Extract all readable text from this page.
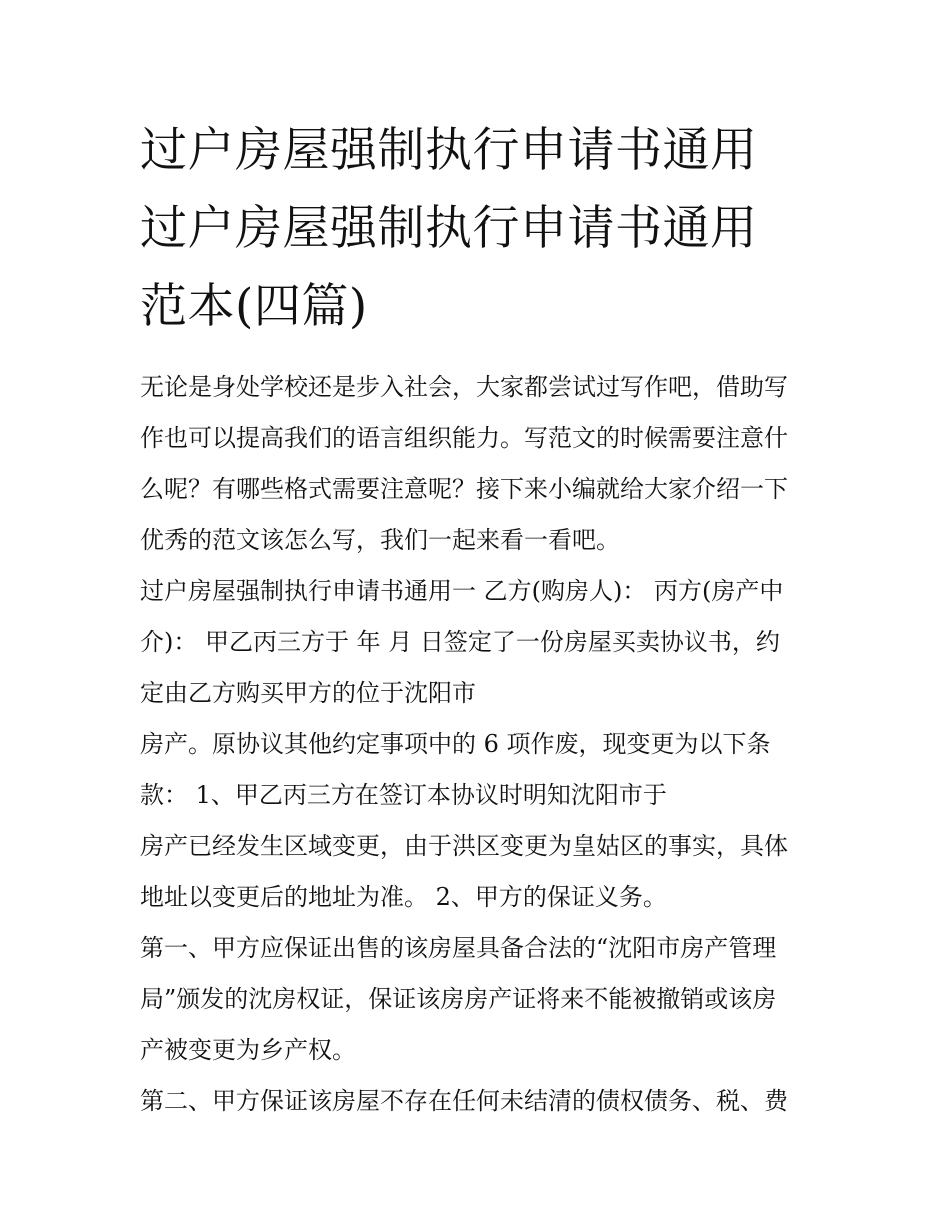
过户房屋强制执行申请书通用
过户房屋强制执行申请书通用
范本(四篇)

无论是身处学校还是步入社会，大家都尝试过写作吧，借助写
作也可以提高我们的语言组织能力。写范文的时候需要注意什
么呢？有哪些格式需要注意呢？接下来小编就给大家介绍一下
优秀的范文该怎么写，我们一起来看一看吧。

过户房屋强制执行申请书通用一 乙方(购房人)： 丙方(房产中
介)： 甲乙丙三方于 年 月 日签定了一份房屋买卖协议书，约
定由乙方购买甲方的位于沈阳市

房产。原协议其他约定事项中的 6 项作废，现变更为以下条
款： 1、甲乙丙三方在签订本协议时明知沈阳市于

房产已经发生区域变更，由于洪区变更为皇姑区的事实，具体
地址以变更后的地址为准。 2、甲方的保证义务。

第一、甲方应保证出售的该房屋具备合法的“沈阳市房产管理
局”颁发的沈房权证，保证该房房产证将来不能被撤销或该房
产被变更为乡产权。

第二、甲方保证该房屋不存在任何未结清的债权债务、税、费
